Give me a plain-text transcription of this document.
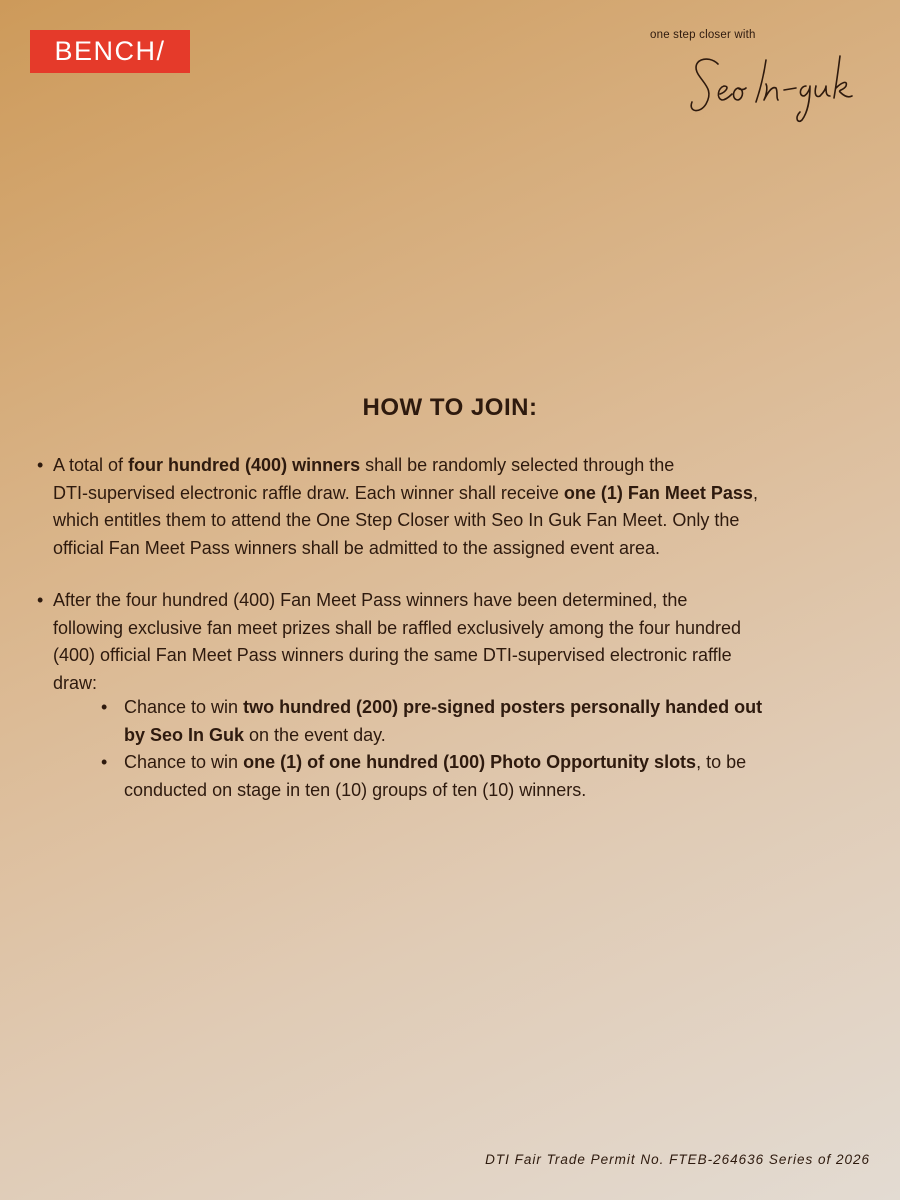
BENCH/
one step closer with
HOW TO JOIN:
• A total of four hundred (400) winners shall be randomly selected through the
DTI-supervised electronic raffle draw. Each winner shall receive one (1) Fan Meet Pass,
which entitles them to attend the One Step Closer with Seo In Guk Fan Meet. Only the
official Fan Meet Pass winners shall be admitted to the assigned event area.
• After the four hundred (400) Fan Meet Pass winners have been determined, the
following exclusive fan meet prizes shall be raffled exclusively among the four hundred
(400) official Fan Meet Pass winners during the same DTI-supervised electronic raffle
draw:
• Chance to win two hundred (200) pre-signed posters personally handed out
by Seo In Guk on the event day.
• Chance to win one (1) of one hundred (100) Photo Opportunity slots, to be
conducted on stage in ten (10) groups of ten (10) winners.
DTI Fair Trade Permit No. FTEB-264636 Series of 2026
